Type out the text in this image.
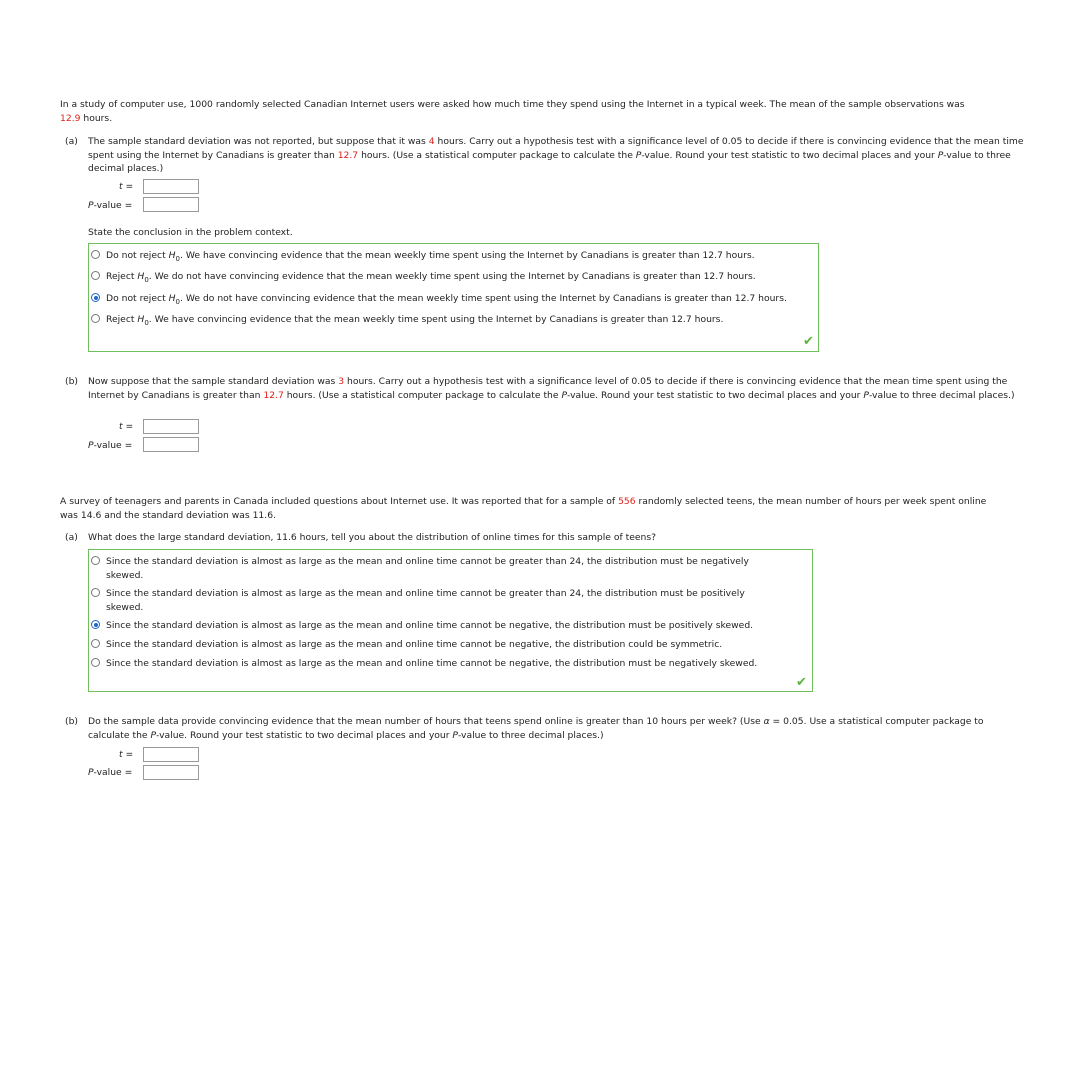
In a study of computer use, 1000 randomly selected Canadian Internet users were asked how much time they spend using the Internet in a typical week. The mean of the sample observations was
12.9 hours.
(a) The sample standard deviation was not reported, but suppose that it was 4 hours. Carry out a hypothesis test with a significance level of 0.05 to decide if there is convincing evidence that the mean time spent using the Internet by Canadians is greater than 12.7 hours. (Use a statistical computer package to calculate the P-value. Round your test statistic to two decimal places and your P-value to three decimal places.)
t =
P-value =
State the conclusion in the problem context.
Do not reject $H_0$. We have convincing evidence that the mean weekly time spent using the Internet by Canadians is greater than 12.7 hours.
Reject $H_0$. We do not have convincing evidence that the mean weekly time spent using the Internet by Canadians is greater than 12.7 hours.
Do not reject $H_0$. We do not have convincing evidence that the mean weekly time spent using the Internet by Canadians is greater than 12.7 hours.
Reject $H_0$. We have convincing evidence that the mean weekly time spent using the Internet by Canadians is greater than 12.7 hours.
✔
(b) Now suppose that the sample standard deviation was 3 hours. Carry out a hypothesis test with a significance level of 0.05 to decide if there is convincing evidence that the mean time spent using the Internet by Canadians is greater than 12.7 hours. (Use a statistical computer package to calculate the P-value. Round your test statistic to two decimal places and your P-value to three decimal places.)
t =
P-value =
A survey of teenagers and parents in Canada included questions about Internet use. It was reported that for a sample of 556 randomly selected teens, the mean number of hours per week spent online was 14.6 and the standard deviation was 11.6.
(a) What does the large standard deviation, 11.6 hours, tell you about the distribution of online times for this sample of teens?
Since the standard deviation is almost as large as the mean and online time cannot be greater than 24, the distribution must be negatively skewed.
Since the standard deviation is almost as large as the mean and online time cannot be greater than 24, the distribution must be positively skewed.
Since the standard deviation is almost as large as the mean and online time cannot be negative, the distribution must be positively skewed.
Since the standard deviation is almost as large as the mean and online time cannot be negative, the distribution could be symmetric.
Since the standard deviation is almost as large as the mean and online time cannot be negative, the distribution must be negatively skewed.
✔
(b) Do the sample data provide convincing evidence that the mean number of hours that teens spend online is greater than 10 hours per week? (Use α = 0.05. Use a statistical computer package to calculate the P-value. Round your test statistic to two decimal places and your P-value to three decimal places.)
t =
P-value =
